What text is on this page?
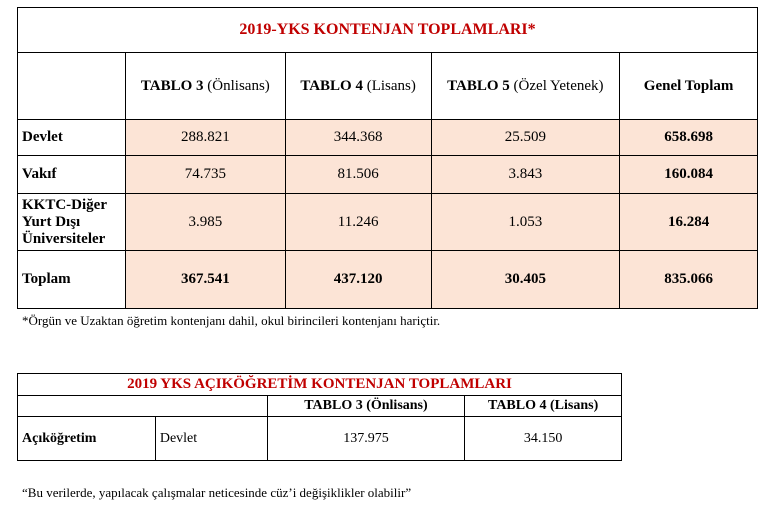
2019-YKS KONTENJAN TOPLAMLARI*				
	TABLO 3 (Önlisans)	TABLO 4 (Lisans)	TABLO 5 (Özel Yetenek)	Genel Toplam
Devlet	288.821	344.368	25.509	658.698
Vakıf	74.735	81.506	3.843	160.084

KKTC-Diğer
Yurt Dışı
Üniversiteler	3.985	11.246	1.053	16.284
Toplam	367.541	437.120	30.405	835.066
*Örgün ve Uzaktan öğretim kontenjanı dahil, okul birincileri kontenjanı hariçtir.
2019 YKS AÇIKÖĞRETİM KONTENJAN TOPLAMLARI			
		TABLO 3 (Önlisans)	TABLO 4 (Lisans)
Açıköğretim	Devlet	137.975	34.150
“Bu verilerde, yapılacak çalışmalar neticesinde cüz’i değişiklikler olabilir”
